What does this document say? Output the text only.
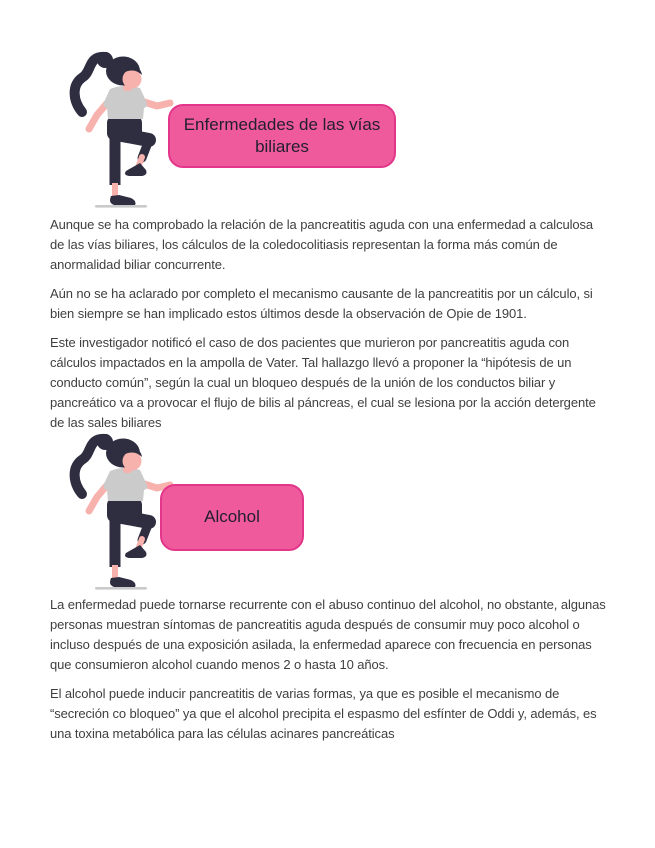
Enfermedades de las vías biliares

Aunque se ha comprobado la relación de la pancreatitis aguda con una enfermedad a calculosa de las vías biliares, los cálculos de la coledocolitiasis representan la forma más común de anormalidad biliar concurrente.

Aún no se ha aclarado por completo el mecanismo causante de la pancreatitis por un cálculo, si bien siempre se han implicado estos últimos desde la observación de Opie de 1901.

Este investigador notificó el caso de dos pacientes que murieron por pancreatitis aguda con cálculos impactados en la ampolla de Vater. Tal hallazgo llevó a proponer la “hipótesis de un conducto común”, según la cual un bloqueo después de la unión de los conductos biliar y pancreático va a provocar el flujo de bilis al páncreas, el cual se lesiona por la acción detergente de las sales biliares

Alcohol

La enfermedad puede tornarse recurrente con el abuso continuo del alcohol, no obstante, algunas personas muestran síntomas de pancreatitis aguda después de consumir muy poco alcohol o incluso después de una exposición asilada, la enfermedad aparece con frecuencia en personas que consumieron alcohol cuando menos 2 o hasta 10 años.

El alcohol puede inducir pancreatitis de varias formas, ya que es posible el mecanismo de “secreción co bloqueo” ya que el alcohol precipita el espasmo del esfínter de Oddi y, además, es una toxina metabólica para las células acinares pancreáticas
